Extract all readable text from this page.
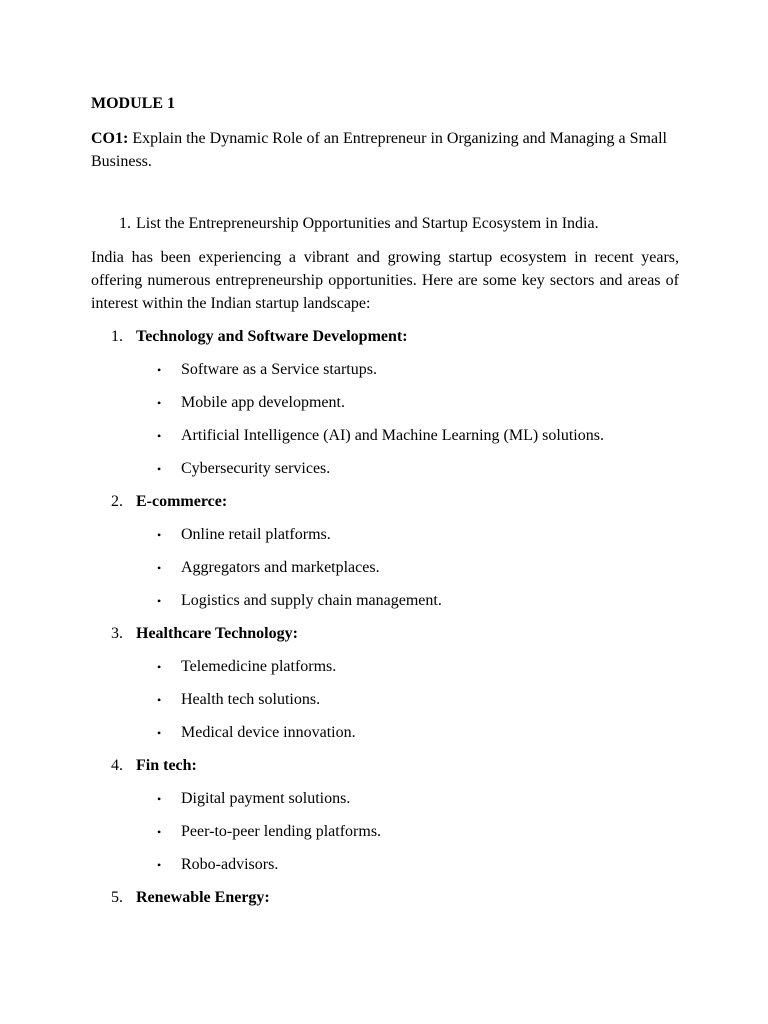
MODULE 1

CO1: Explain the Dynamic Role of an Entrepreneur in Organizing and Managing a Small Business.

1. List the Entrepreneurship Opportunities and Startup Ecosystem in India.

India has been experiencing a vibrant and growing startup ecosystem in recent years, offering numerous entrepreneurship opportunities. Here are some key sectors and areas of interest within the Indian startup landscape:

1. Technology and Software Development:
• Software as a Service startups.
• Mobile app development.
• Artificial Intelligence (AI) and Machine Learning (ML) solutions.
• Cybersecurity services.
2. E-commerce:
• Online retail platforms.
• Aggregators and marketplaces.
• Logistics and supply chain management.
3. Healthcare Technology:
• Telemedicine platforms.
• Health tech solutions.
• Medical device innovation.
4. Fin tech:
• Digital payment solutions.
• Peer-to-peer lending platforms.
• Robo-advisors.
5. Renewable Energy:
